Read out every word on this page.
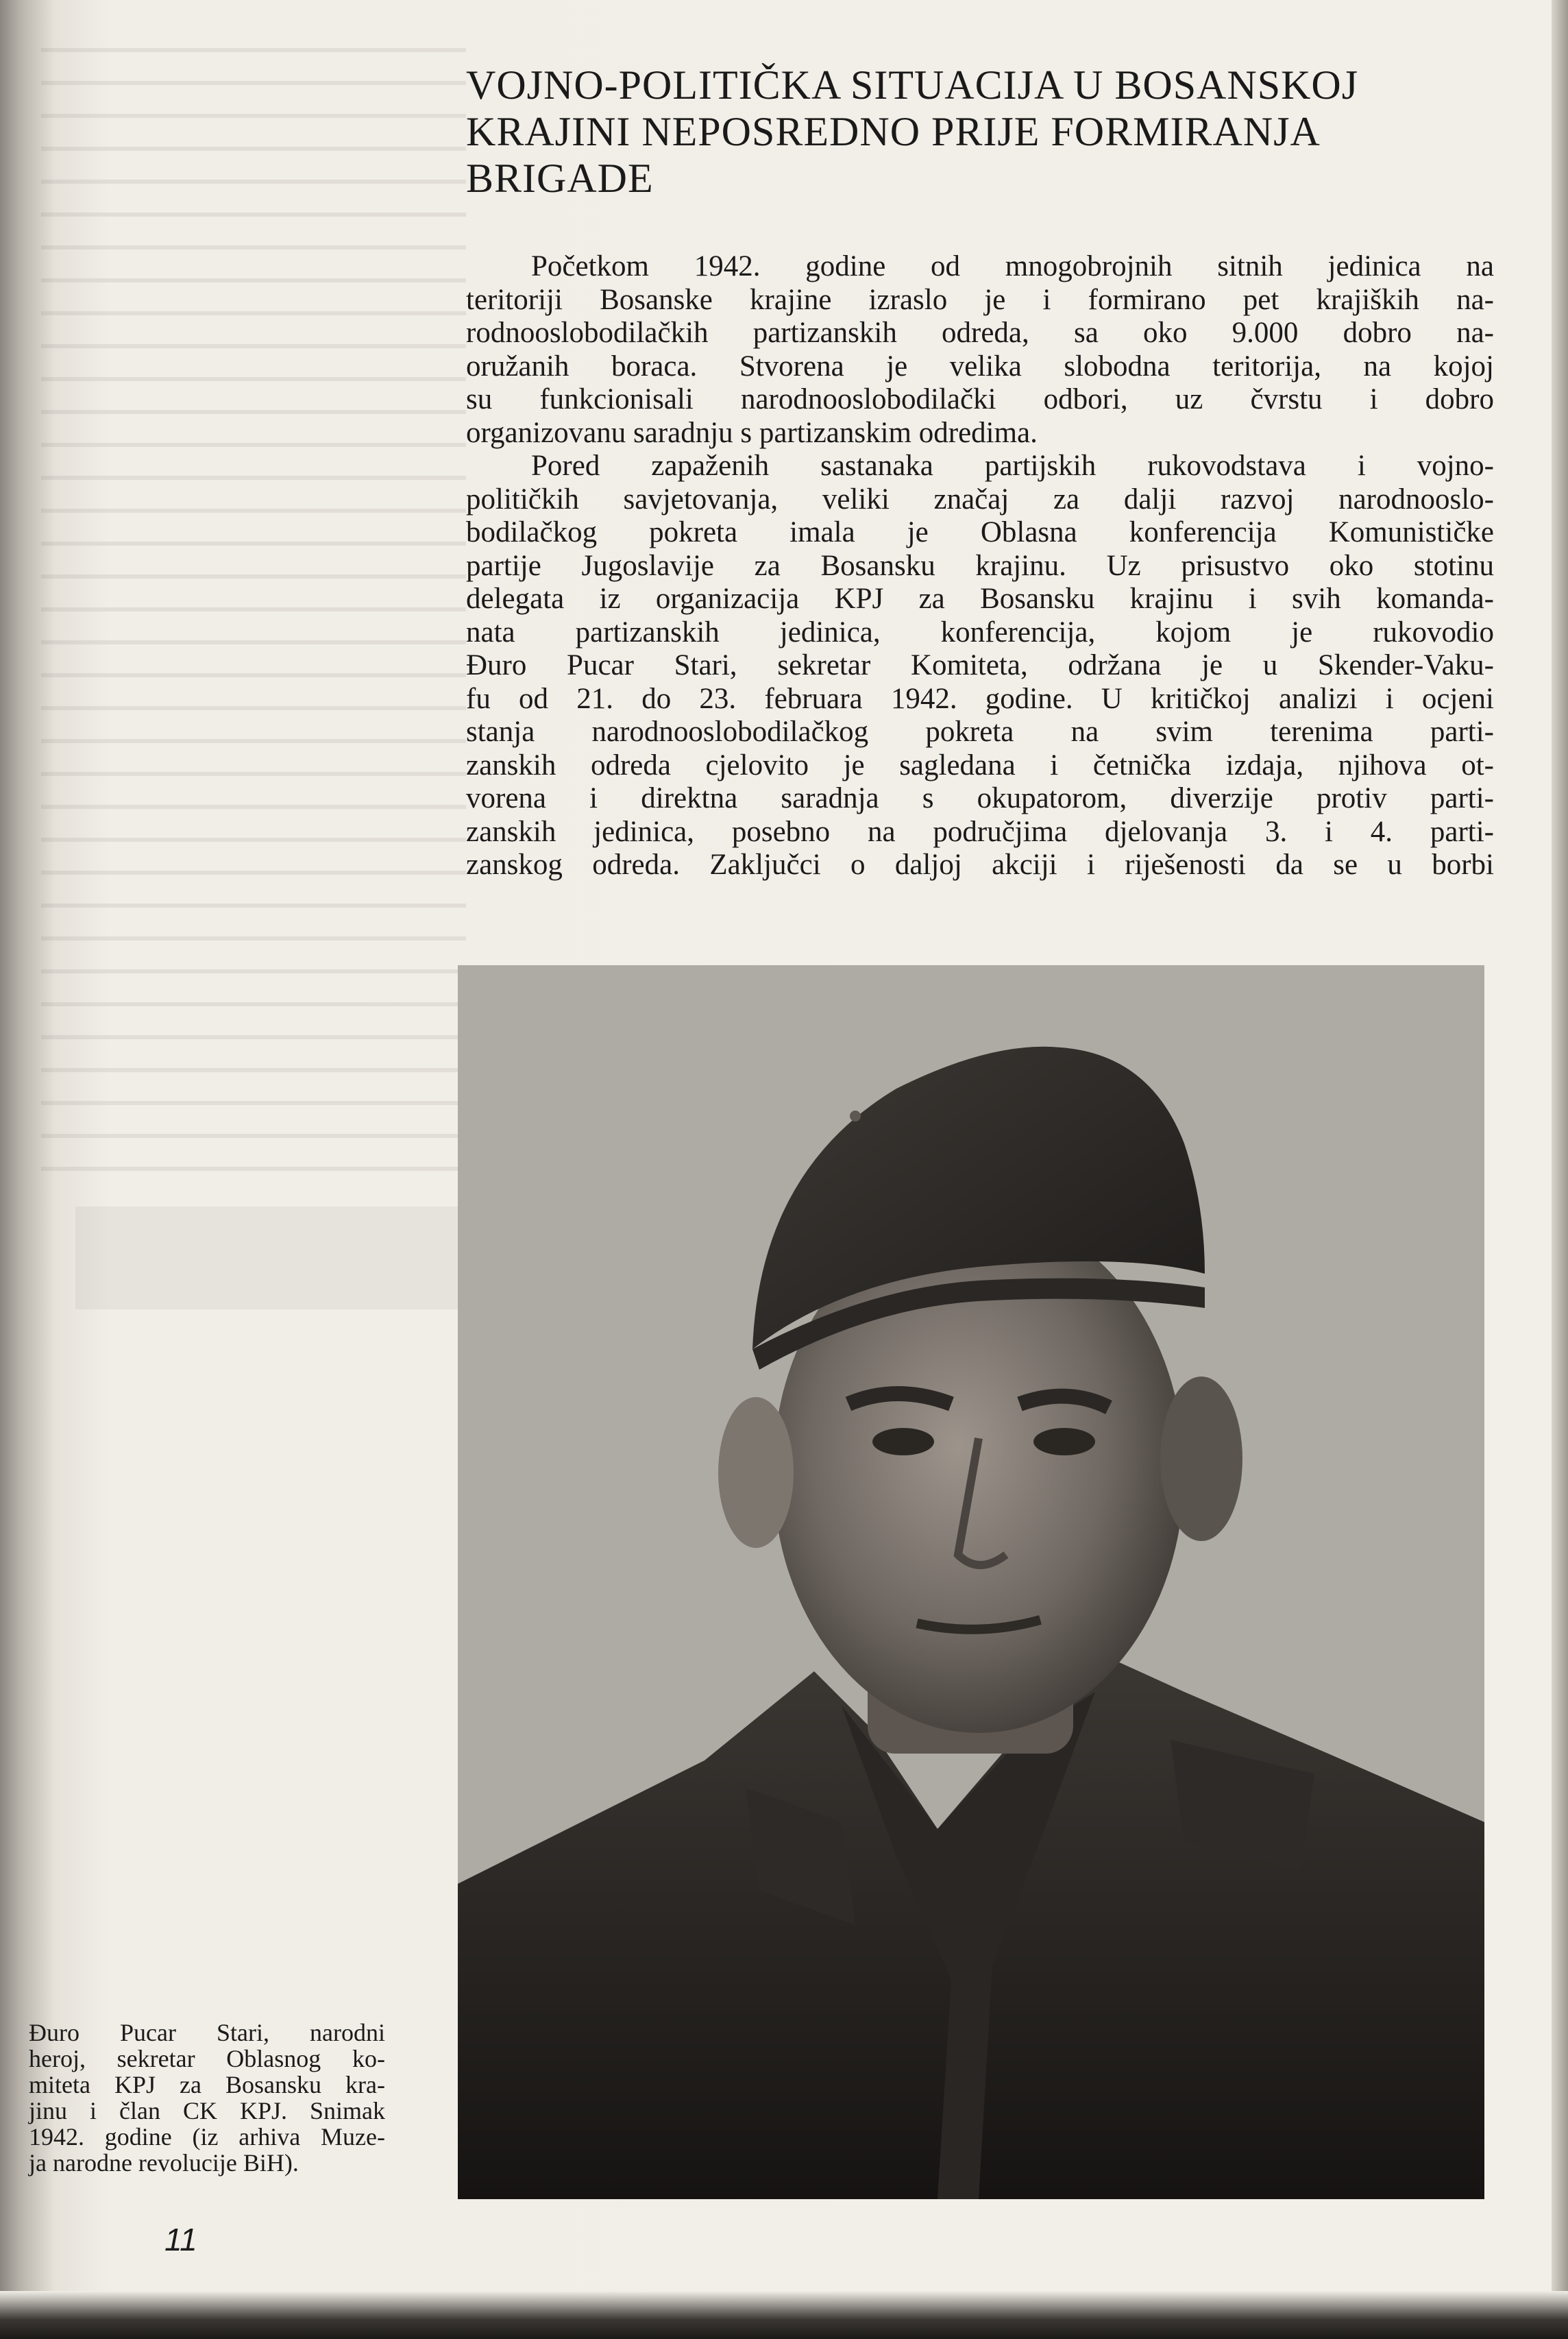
VOJNO-POLITIČKA SITUACIJA U BOSANSKOJ
KRAJINI NEPOSREDNO PRIJE FORMIRANJA
BRIGADE
Početkom 1942. godine od mnogobrojnih sitnih jedinica na
teritoriji Bosanske krajine izraslo je i formirano pet krajiških na-
rodnooslobodilačkih partizanskih odreda, sa oko 9.000 dobro na-
oružanih boraca. Stvorena je velika slobodna teritorija, na kojoj
su funkcionisali narodnooslobodilački odbori, uz čvrstu i dobro
organizovanu saradnju s partizanskim odredima.
Pored zapaženih sastanaka partijskih rukovodstava i vojno-
političkih savjetovanja, veliki značaj za dalji razvoj narodnooslo-
bodilačkog pokreta imala je Oblasna konferencija Komunističke
partije Jugoslavije za Bosansku krajinu. Uz prisustvo oko stotinu
delegata iz organizacija KPJ za Bosansku krajinu i svih komanda-
nata partizanskih jedinica, konferencija, kojom je rukovodio
Đuro Pucar Stari, sekretar Komiteta, održana je u Skender-Vaku-
fu od 21. do 23. februara 1942. godine. U kritičkoj analizi i ocjeni
stanja narodnooslobodilačkog pokreta na svim terenima parti-
zanskih odreda cjelovito je sagledana i četnička izdaja, njihova ot-
vorena i direktna saradnja s okupatorom, diverzije protiv parti-
zanskih jedinica, posebno na područjima djelovanja 3. i 4. parti-
zanskog odreda. Zaključci o daljoj akciji i riješenosti da se u borbi
Đuro Pucar Stari, narodni
heroj, sekretar Oblasnog ko-
miteta KPJ za Bosansku kra-
jinu i član CK KPJ. Snimak
1942. godine (iz arhiva Muze-
ja narodne revolucije BiH).
11
